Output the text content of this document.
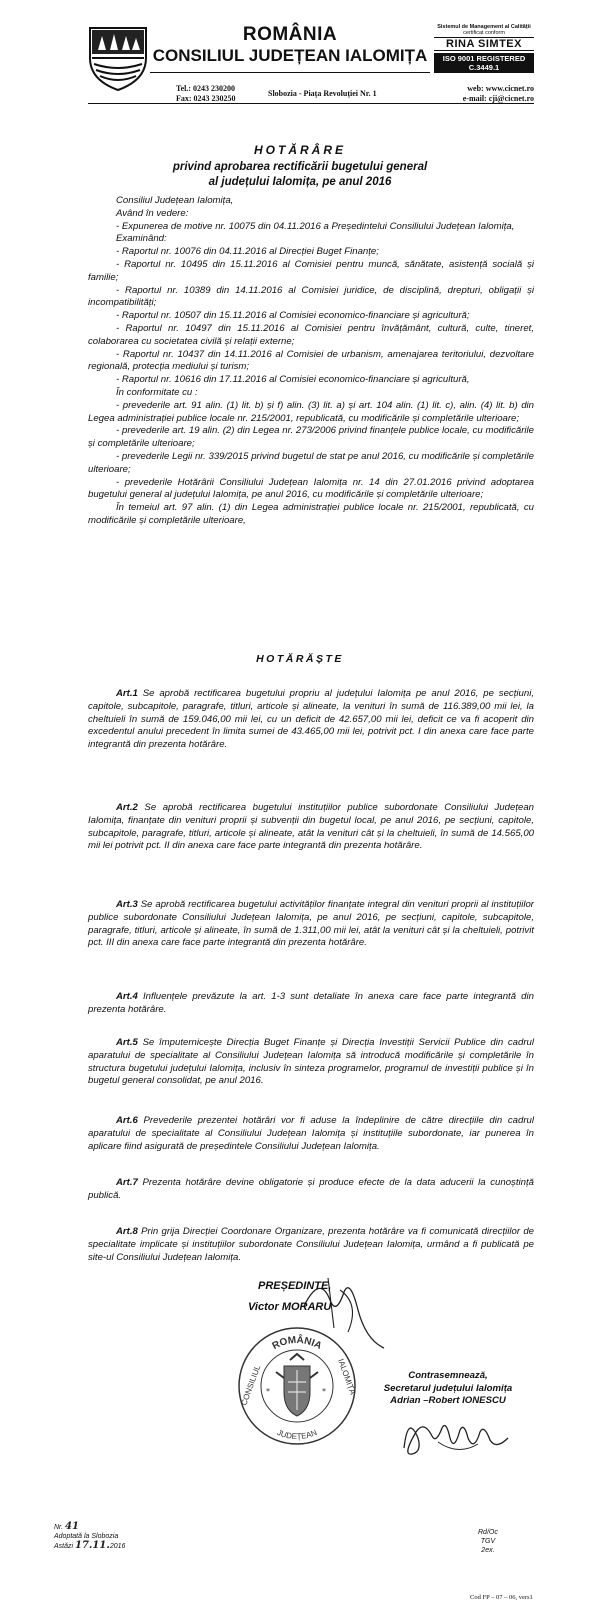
ROMÂNIA
CONSILIUL JUDEȚEAN IALOMIȚA
Sistemul de Management al Calității
certificat conform
RINA SIMTEX
ISO 9001 REGISTERED C.3449.1
Tel.: 0243 230200
Fax: 0243 230250
Slobozia - Piața Revoluției Nr. 1
web: www.cicnet.ro
e-mail: cji@cicnet.ro
HOTĂRÂRE
privind aprobarea rectificării bugetului general
al județului Ialomița, pe anul 2016

Consiliul Județean Ialomița,

Având în vedere:

- Expunerea de motive nr. 10075 din 04.11.2016 a Președintelui Consiliului Județean Ialomița,

Examinând:

- Raportul nr. 10076 din 04.11.2016 al Direcției Buget Finanțe;

- Raportul nr. 10495 din 15.11.2016 al Comisiei pentru muncă, sănătate, asistență socială și familie;

- Raportul nr. 10389 din 14.11.2016 al Comisiei juridice, de disciplină, drepturi, obligații și incompatibilități;

- Raportul nr. 10507 din 15.11.2016 al Comisiei economico-financiare și agricultură;

- Raportul nr. 10497 din 15.11.2016 al Comisiei pentru învățământ, cultură, culte, tineret, colaborarea cu societatea civilă și relații externe;

- Raportul nr. 10437 din 14.11.2016 al Comisiei de urbanism, amenajarea teritoriului, dezvoltare regională, protecția mediului și turism;

- Raportul nr. 10616 din 17.11.2016 al Comisiei economico-financiare și agricultură,

În conformitate cu :

- prevederile art. 91 alin. (1) lit. b) și f) alin. (3) lit. a) și art. 104 alin. (1) lit. c), alin. (4) lit. b) din Legea administrației publice locale nr. 215/2001, republicată, cu modificările și completările ulterioare;

- prevederile art. 19 alin. (2) din Legea nr. 273/2006 privind finanțele publice locale, cu modificările și completările ulterioare;

- prevederile Legii nr. 339/2015 privind bugetul de stat pe anul 2016, cu modificările și completările ulterioare;

- prevederile Hotărârii Consiliului Județean Ialomița nr. 14 din 27.01.2016 privind adoptarea bugetului general al județului Ialomița, pe anul 2016, cu modificările și completările ulterioare;

În temeiul art. 97 alin. (1) din Legea administrației publice locale nr. 215/2001, republicată, cu modificările și completările ulterioare,

HOTĂRĂȘTE
Art.1 Se aprobă rectificarea bugetului propriu al județului Ialomița pe anul 2016, pe secțiuni, capitole, subcapitole, paragrafe, titluri, articole și alineate, la venituri în sumă de 116.389,00 mii lei, la cheltuieli în sumă de 159.046,00 mii lei, cu un deficit de 42.657,00 mii lei, deficit ce va fi acoperit din excedentul anului precedent în limita sumei de 43.465,00 mii lei, potrivit pct. I din anexa care face parte integrantă din prezenta hotărâre.
Art.2 Se aprobă rectificarea bugetului instituțiilor publice subordonate Consiliului Județean Ialomița, finanțate din venituri proprii și subvenții din bugetul local, pe anul 2016, pe secțiuni, capitole, subcapitole, paragrafe, titluri, articole și alineate, atât la venituri cât și la cheltuieli, în sumă de 14.565,00 mii lei potrivit pct. II din anexa care face parte integrantă din prezenta hotărâre.
Art.3 Se aprobă rectificarea bugetului activităților finanțate integral din venituri proprii al instituțiilor publice subordonate Consiliului Județean Ialomița, pe anul 2016, pe secțiuni, capitole, subcapitole, paragrafe, titluri, articole și alineate, în sumă de 1.311,00 mii lei, atât la venituri cât și la cheltuieli, potrivit pct. III din anexa care face parte integrantă din prezenta hotărâre.
Art.4 Influențele prevăzute la art. 1-3 sunt detaliate în anexa care face parte integrantă din prezenta hotărâre.
Art.5 Se împuternicește Direcția Buget Finanțe și Direcția Investiții Servicii Publice din cadrul aparatului de specialitate al Consiliului Județean Ialomița să introducă modificările și completările în structura bugetului județului Ialomița, inclusiv în sinteza programelor, programul de investiții publice și în bugetul general consolidat, pe anul 2016.
Art.6 Prevederile prezentei hotărâri vor fi aduse la îndeplinire de către direcțiile din cadrul aparatului de specialitate al Consiliului Județean Ialomița și instituțiile subordonate, iar punerea în aplicare fiind asigurată de președintele Consiliului Județean Ialomița.
Art.7 Prezenta hotărâre devine obligatorie și produce efecte de la data aducerii la cunoștință publică.
Art.8 Prin grija Direcției Coordonare Organizare, prezenta hotărâre va fi comunicată direcțiilor de specialitate implicate și instituțiilor subordonate Consiliului Județean Ialomița, urmând a fi publicată pe site-ul Consiliului Județean Ialomița.
PREȘEDINTE,
Victor MORARU
ROMÂNIA
CONSILIUL	IALOMIȚA
JUDEȚEAN
*	*
Contrasemnează,
Secretarul județului Ialomița
Adrian –Robert IONESCU
Nr. 41
Adoptată la Slobozia
Astăzi 17.11.2016
Rd/Oc
TGV
2ex.
Cod FP – 07 – 06, vers1
